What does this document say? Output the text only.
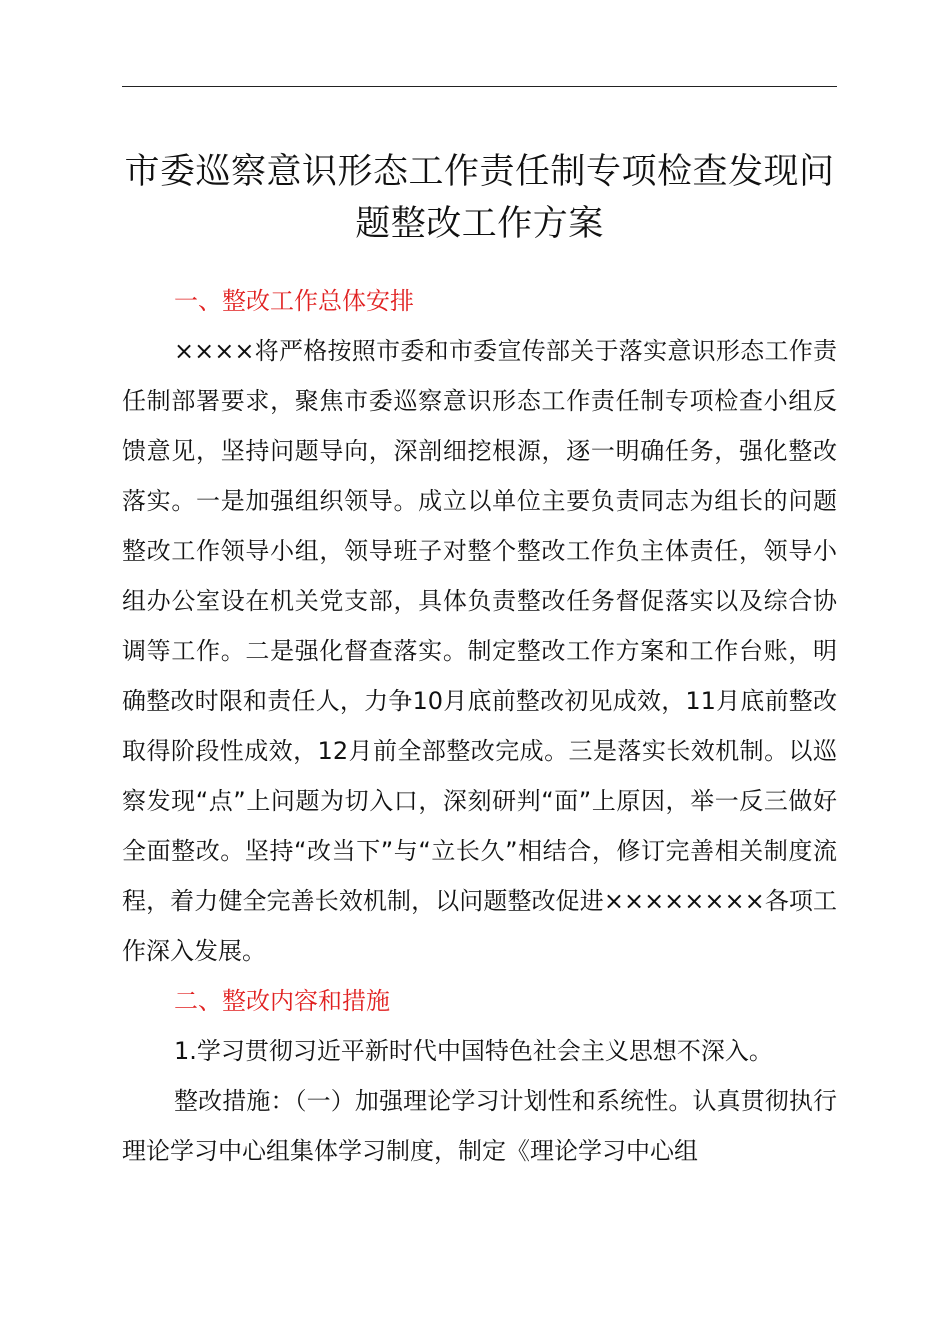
市委巡察意识形态工作责任制专项检查发现问
题整改工作方案

一、整改工作总体安排

××××将严格按照市委和市委宣传部关于落实意识形态工作责任制部署要求，聚焦市委巡察意识形态工作责任制专项检查小组反馈意见，坚持问题导向，深剖细挖根源，逐一明确任务，强化整改落实。一是加强组织领导。成立以单位主要负责同志为组长的问题整改工作领导小组，领导班子对整个整改工作负主体责任，领导小组办公室设在机关党支部，具体负责整改任务督促落实以及综合协调等工作。二是强化督查落实。制定整改工作方案和工作台账，明确整改时限和责任人，力争10月底前整改初见成效，11月底前整改取得阶段性成效，12月前全部整改完成。三是落实长效机制。以巡察发现“点”上问题为切入口，深刻研判“面”上原因，举一反三做好全面整改。坚持“改当下”与“立长久”相结合，修订完善相关制度流程，着力健全完善长效机制，以问题整改促进××××××××各项工作深入发展。

二、整改内容和措施

1.学习贯彻习近平新时代中国特色社会主义思想不深入。

整改措施：（一）加强理论学习计划性和系统性。认真贯彻执行理论学习中心组集体学习制度，制定《理论学习中心组
